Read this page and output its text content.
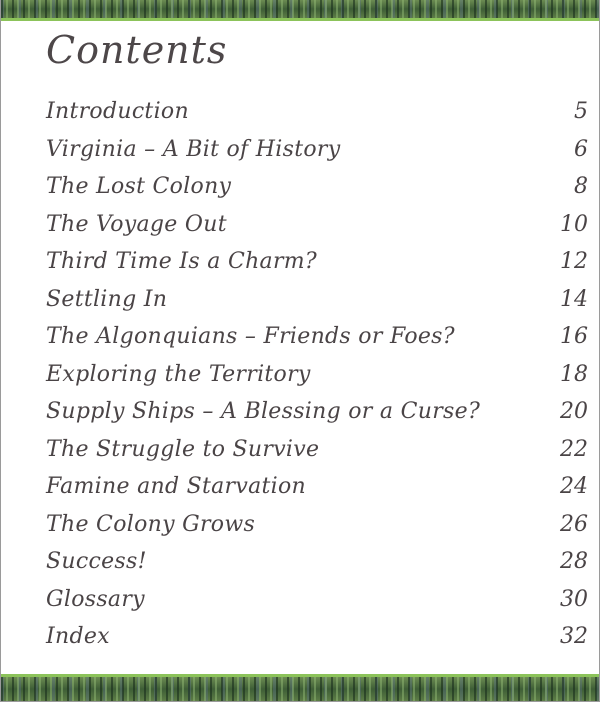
Contents
Introduction	5
Virginia – A Bit of History	6
The Lost Colony	8
The Voyage Out	10
Third Time Is a Charm?	12
Settling In	14
The Algonquians – Friends or Foes?	16
Exploring the Territory	18
Supply Ships – A Blessing or a Curse?	20
The Struggle to Survive	22
Famine and Starvation	24
The Colony Grows	26
Success!	28
Glossary	30
Index	32
